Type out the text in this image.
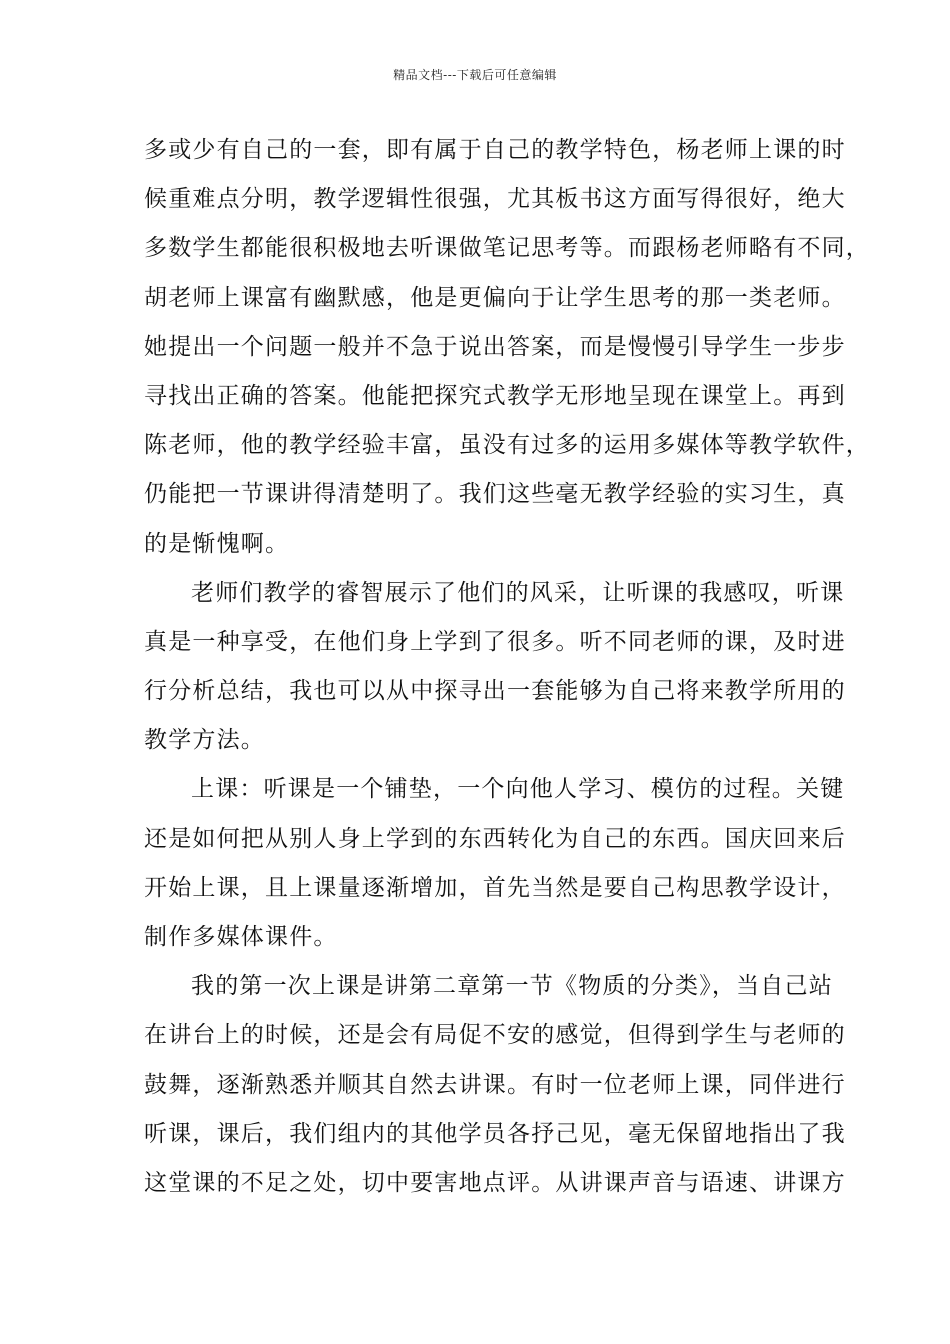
精品文档---下载后可任意编辑
多或少有自己的一套，即有属于自己的教学特色，杨老师上课的时
候重难点分明，教学逻辑性很强，尤其板书这方面写得很好，绝大
多数学生都能很积极地去听课做笔记思考等。而跟杨老师略有不同，
胡老师上课富有幽默感，他是更偏向于让学生思考的那一类老师。
她提出一个问题一般并不急于说出答案，而是慢慢引导学生一步步
寻找出正确的答案。他能把探究式教学无形地呈现在课堂上。再到
陈老师，他的教学经验丰富，虽没有过多的运用多媒体等教学软件，
仍能把一节课讲得清楚明了。我们这些毫无教学经验的实习生，真
的是惭愧啊。
老师们教学的睿智展示了他们的风采，让听课的我感叹，听课
真是一种享受，在他们身上学到了很多。听不同老师的课，及时进
行分析总结，我也可以从中探寻出一套能够为自己将来教学所用的
教学方法。
上课：听课是一个铺垫，一个向他人学习、模仿的过程。关键
还是如何把从别人身上学到的东西转化为自己的东西。国庆回来后
开始上课，且上课量逐渐增加，首先当然是要自己构思教学设计，
制作多媒体课件。
我的第一次上课是讲第二章第一节《物质的分类》，当自己站
在讲台上的时候，还是会有局促不安的感觉，但得到学生与老师的
鼓舞，逐渐熟悉并顺其自然去讲课。有时一位老师上课，同伴进行
听课，课后，我们组内的其他学员各抒己见，毫无保留地指出了我
这堂课的不足之处，切中要害地点评。从讲课声音与语速、讲课方
